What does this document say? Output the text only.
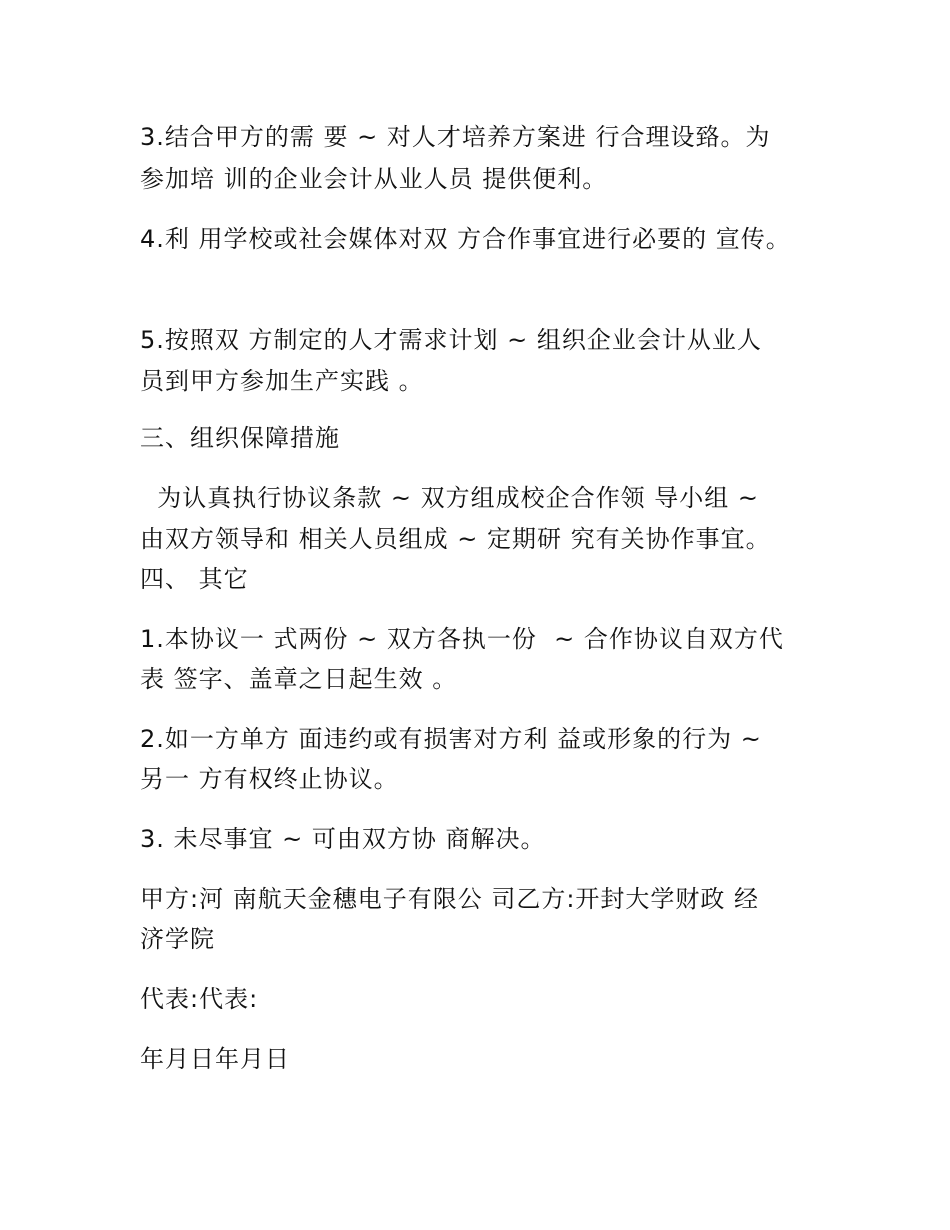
3.结合甲方的需 要 ~ 对人才培养方案进 行合理设臵。为
参加培 训的企业会计从业人员 提供便利。
4.利 用学校或社会媒体对双 方合作事宜进行必要的 宣传。
5.按照双 方制定的人才需求计划 ~ 组织企业会计从业人
员到甲方参加生产实践 。
三、组织保障措施
为认真执行协议条款 ~ 双方组成校企合作领 导小组 ~
由双方领导和 相关人员组成 ~ 定期研 究有关协作事宜。
四、 其它
1.本协议一 式两份 ~ 双方各执一份  ~ 合作协议自双方代
表 签字、盖章之日起生效 。
2.如一方单方 面违约或有损害对方利 益或形象的行为 ~
另一 方有权终止协议。
3. 未尽事宜 ~ 可由双方协 商解决。
甲方:河 南航天金穗电子有限公 司乙方:开封大学财政 经
济学院
代表:代表:
年月日年月日
